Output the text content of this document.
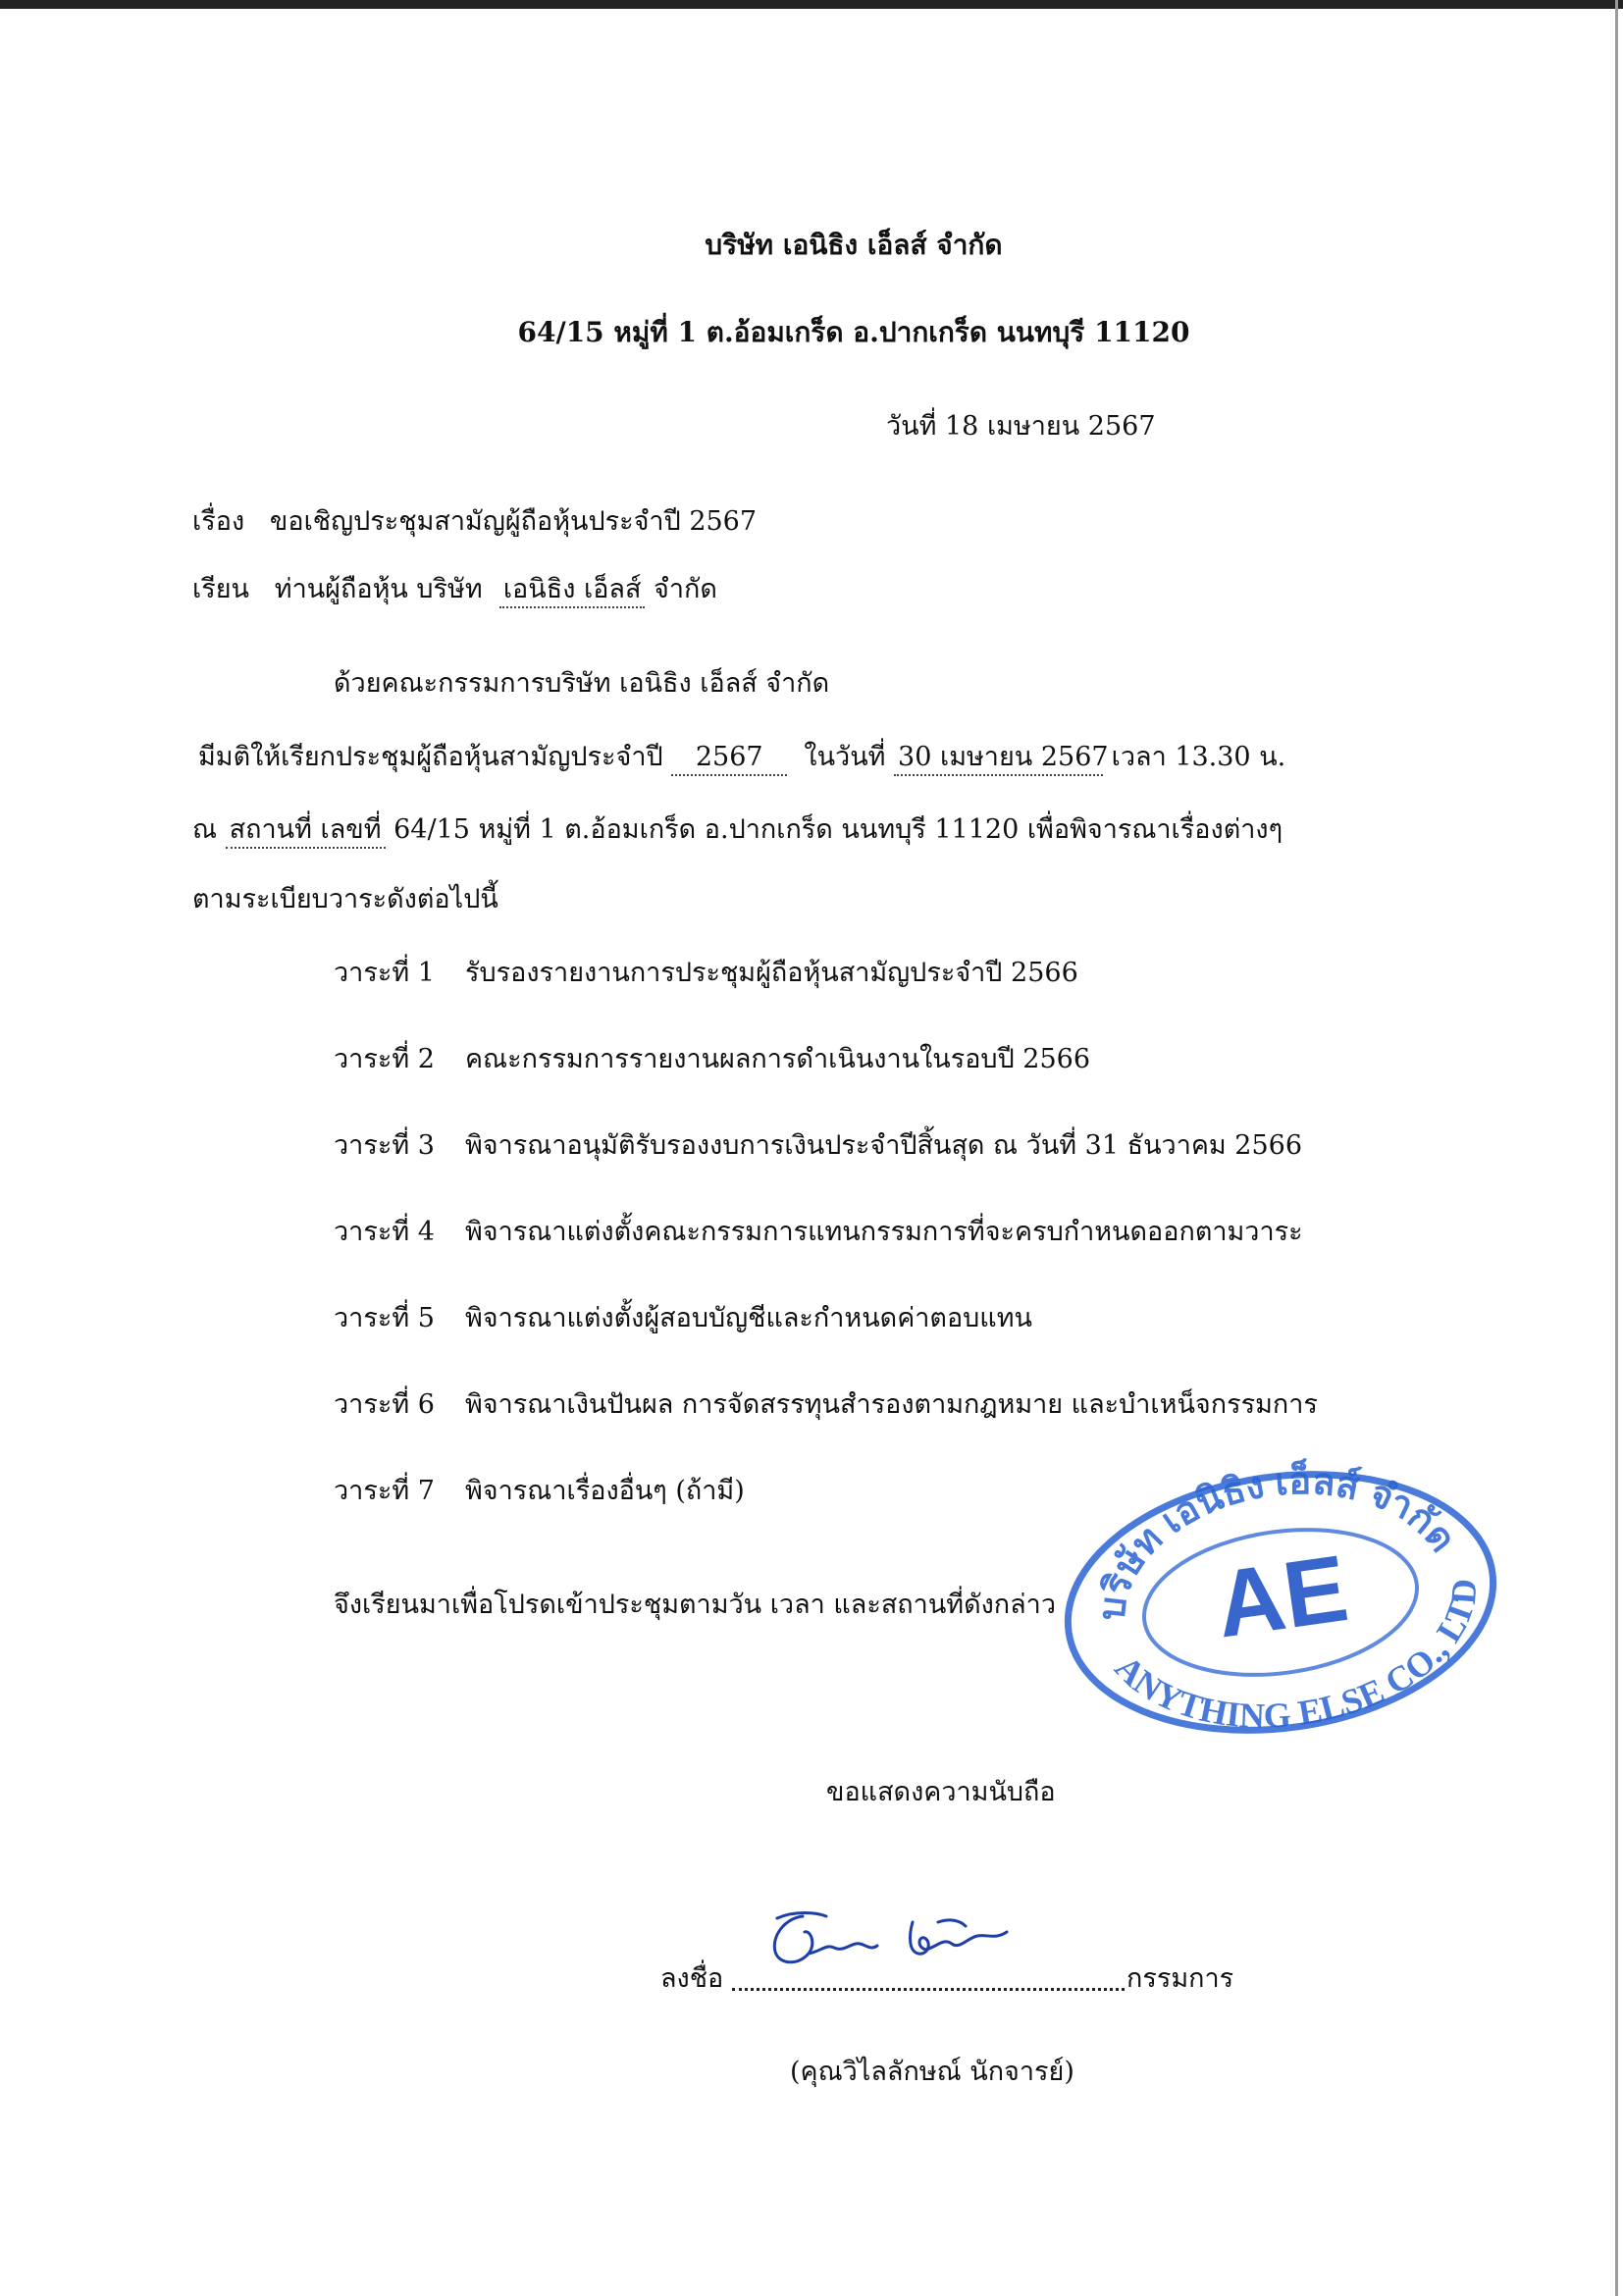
บริษัท เอนิธิง เอ็ลส์ จำกัด
64/15 หมู่ที่ 1 ต.อ้อมเกร็ด อ.ปากเกร็ด นนทบุรี 11120
วันที่ 18 เมษายน 2567
เรื่อง ขอเชิญประชุมสามัญผู้ถือหุ้นประจำปี 2567
เรียน ท่านผู้ถือหุ้น บริษัท เอนิธิง เอ็ลส์ จำกัด
ด้วยคณะกรรมการบริษัท เอนิธิง เอ็ลส์ จำกัด
มีมติให้เรียกประชุมผู้ถือหุ้นสามัญประจำปี 2567 ในวันที่ 30 เมษายน 2567 เวลา 13.30 น.
ณ สถานที่ เลขที่ 64/15 หมู่ที่ 1 ต.อ้อมเกร็ด อ.ปากเกร็ด นนทบุรี 11120 เพื่อพิจารณาเรื่องต่างๆ
ตามระเบียบวาระดังต่อไปนี้
วาระที่ 1 รับรองรายงานการประชุมผู้ถือหุ้นสามัญประจำปี 2566
วาระที่ 2 คณะกรรมการรายงานผลการดำเนินงานในรอบปี 2566
วาระที่ 3 พิจารณาอนุมัติรับรองงบการเงินประจำปีสิ้นสุด ณ วันที่ 31 ธันวาคม 2566
วาระที่ 4 พิจารณาแต่งตั้งคณะกรรมการแทนกรรมการที่จะครบกำหนดออกตามวาระ
วาระที่ 5 พิจารณาแต่งตั้งผู้สอบบัญชีและกำหนดค่าตอบแทน
วาระที่ 6 พิจารณาเงินปันผล การจัดสรรทุนสำรองตามกฎหมาย และบำเหน็จกรรมการ
วาระที่ 7 พิจารณาเรื่องอื่นๆ (ถ้ามี)
จึงเรียนมาเพื่อโปรดเข้าประชุมตามวัน เวลา และสถานที่ดังกล่าว
ขอแสดงความนับถือ
ลงชื่อ	กรรมการ
(คุณวิไลลักษณ์ นักจารย์)
บริษัท เอนิธิง เอ็ลส์ จำกัด
AE
ANYTHING ELSE CO., LTD.
